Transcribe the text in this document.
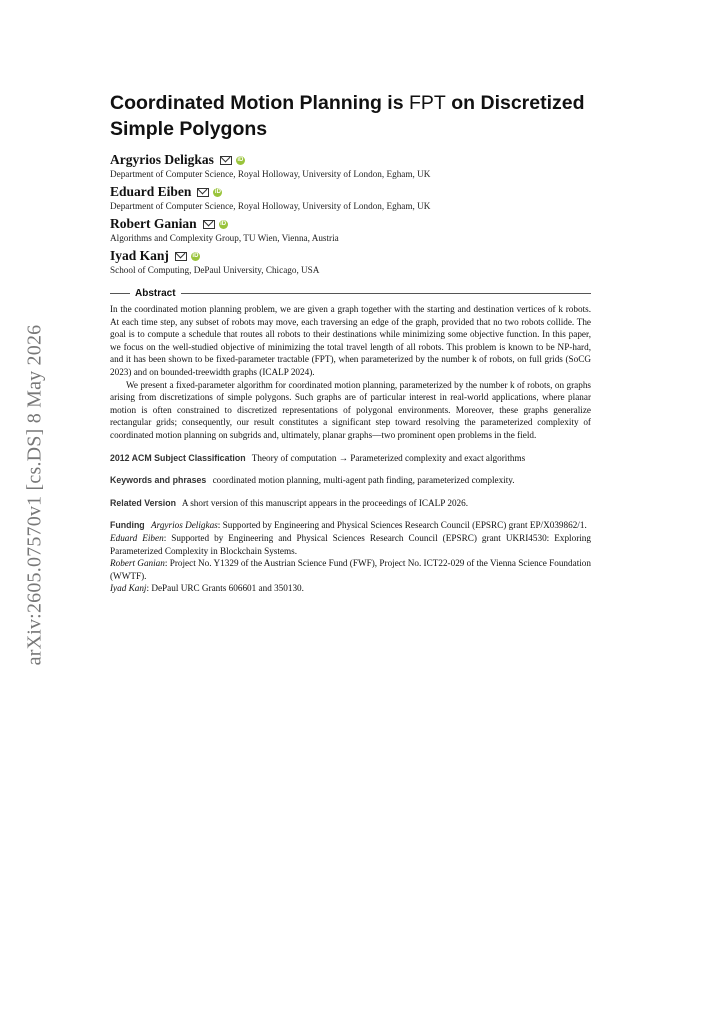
arXiv:2605.07570v1 [cs.DS] 8 May 2026
Coordinated Motion Planning is FPT on Discretized Simple Polygons
Argyrios Deligkas	iD
Department of Computer Science, Royal Holloway, University of London, Egham, UK
Eduard Eiben	iD
Department of Computer Science, Royal Holloway, University of London, Egham, UK
Robert Ganian	iD
Algorithms and Complexity Group, TU Wien, Vienna, Austria
Iyad Kanj	iD
School of Computing, DePaul University, Chicago, USA
Abstract

In the coordinated motion planning problem, we are given a graph together with the starting and destination vertices of k robots. At each time step, any subset of robots may move, each traversing an edge of the graph, provided that no two robots collide. The goal is to compute a schedule that routes all robots to their destinations while minimizing some objective function. In this paper, we focus on the well-studied objective of minimizing the total travel length of all robots. This problem is known to be NP-hard, and it has been shown to be fixed-parameter tractable (FPT), when parameterized by the number k of robots, on full grids (SoCG 2023) and on bounded-treewidth graphs (ICALP 2024).

We present a fixed-parameter algorithm for coordinated motion planning, parameterized by the number k of robots, on graphs arising from discretizations of simple polygons. Such graphs are of particular interest in real-world applications, where planar motion is often constrained to discretized representations of polygonal environments. Moreover, these graphs generalize rectangular grids; consequently, our result constitutes a significant step toward resolving the parameterized complexity of coordinated motion planning on subgrids and, ultimately, planar graphs—two prominent open problems in the field.

2012 ACM Subject Classification Theory of computation → Parameterized complexity and exact algorithms

Keywords and phrases coordinated motion planning, multi-agent path finding, parameterized complexity.

Related Version A short version of this manuscript appears in the proceedings of ICALP 2026.

Funding Argyrios Deligkas: Supported by Engineering and Physical Sciences Research Council (EPSRC) grant EP/X039862/1.

Eduard Eiben: Supported by Engineering and Physical Sciences Research Council (EPSRC) grant UKRI4530: Exploring Parameterized Complexity in Blockchain Systems.

Robert Ganian: Project No. Y1329 of the Austrian Science Fund (FWF), Project No. ICT22-029 of the Vienna Science Foundation (WWTF).

Iyad Kanj: DePaul URC Grants 606601 and 350130.
